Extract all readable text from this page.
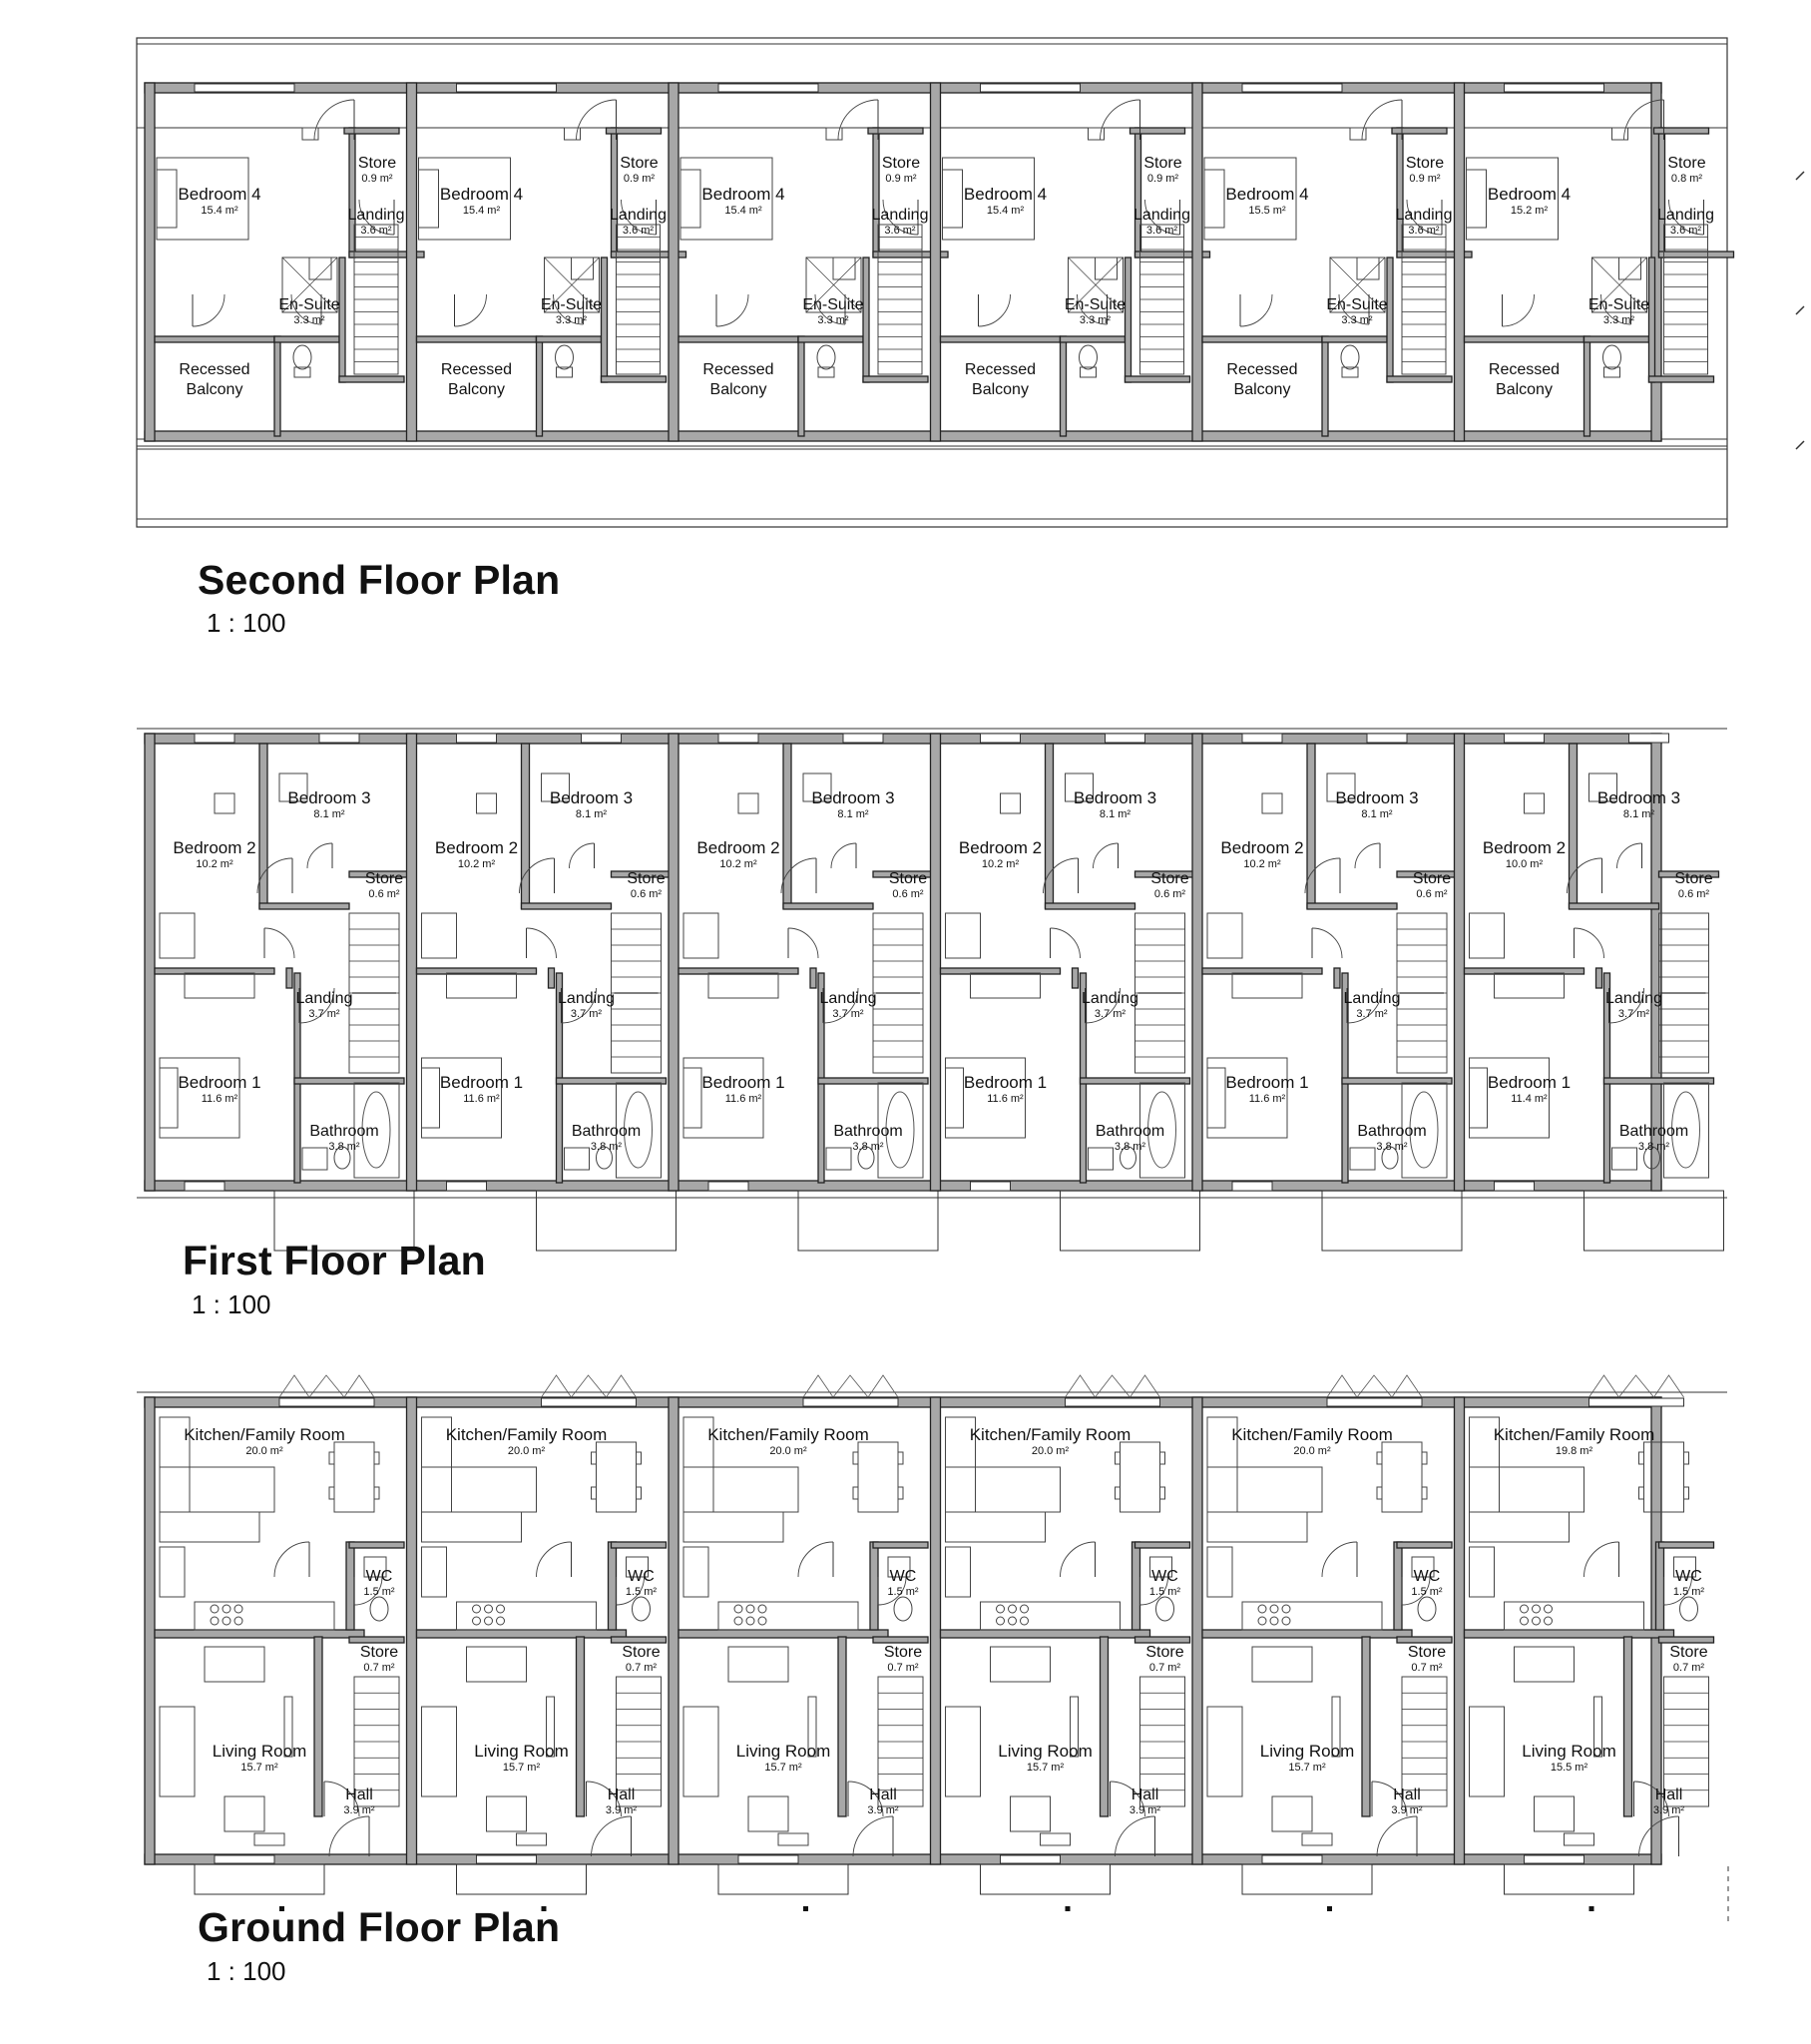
Bedroom 4
15.4 m²
Store
0.9 m²
Landing
3.6 m²
En-Suite
3.3 m²
Recessed
Balcony
Bedroom 4
15.4 m²
Store
0.9 m²
Landing
3.6 m²
En-Suite
3.3 m²
Recessed
Balcony
Bedroom 4
15.4 m²
Store
0.9 m²
Landing
3.6 m²
En-Suite
3.3 m²
Recessed
Balcony
Bedroom 4
15.4 m²
Store
0.9 m²
Landing
3.6 m²
En-Suite
3.3 m²
Recessed
Balcony
Bedroom 4
15.5 m²
Store
0.9 m²
Landing
3.6 m²
En-Suite
3.3 m²
Recessed
Balcony
Bedroom 4
15.2 m²
Store
0.8 m²
Landing
3.6 m²
En-Suite
3.3 m²
Recessed
Balcony
Bedroom 2
10.2 m²
Bedroom 3
8.1 m²
Store
0.6 m²
Landing
3.7 m²
Bedroom 1
11.6 m²
Bathroom
3.8 m²
Bedroom 2
10.2 m²
Bedroom 3
8.1 m²
Store
0.6 m²
Landing
3.7 m²
Bedroom 1
11.6 m²
Bathroom
3.8 m²
Bedroom 2
10.2 m²
Bedroom 3
8.1 m²
Store
0.6 m²
Landing
3.7 m²
Bedroom 1
11.6 m²
Bathroom
3.8 m²
Bedroom 2
10.2 m²
Bedroom 3
8.1 m²
Store
0.6 m²
Landing
3.7 m²
Bedroom 1
11.6 m²
Bathroom
3.8 m²
Bedroom 2
10.2 m²
Bedroom 3
8.1 m²
Store
0.6 m²
Landing
3.7 m²
Bedroom 1
11.6 m²
Bathroom
3.8 m²
Bedroom 2
10.0 m²
Bedroom 3
8.1 m²
Store
0.6 m²
Landing
3.7 m²
Bedroom 1
11.4 m²
Bathroom
3.8 m²
Kitchen/Family Room
20.0 m²
WC
1.5 m²
Store
0.7 m²
Living Room
15.7 m²
Hall
3.9 m²
Kitchen/Family Room
20.0 m²
WC
1.5 m²
Store
0.7 m²
Living Room
15.7 m²
Hall
3.9 m²
Kitchen/Family Room
20.0 m²
WC
1.5 m²
Store
0.7 m²
Living Room
15.7 m²
Hall
3.9 m²
Kitchen/Family Room
20.0 m²
WC
1.5 m²
Store
0.7 m²
Living Room
15.7 m²
Hall
3.9 m²
Kitchen/Family Room
20.0 m²
WC
1.5 m²
Store
0.7 m²
Living Room
15.7 m²
Hall
3.9 m²
Kitchen/Family Room
19.8 m²
WC
1.5 m²
Store
0.7 m²
Living Room
15.5 m²
Hall
3.9 m²
Second Floor Plan
1 : 100
First Floor Plan
1 : 100
Ground Floor Plan
1 : 100
